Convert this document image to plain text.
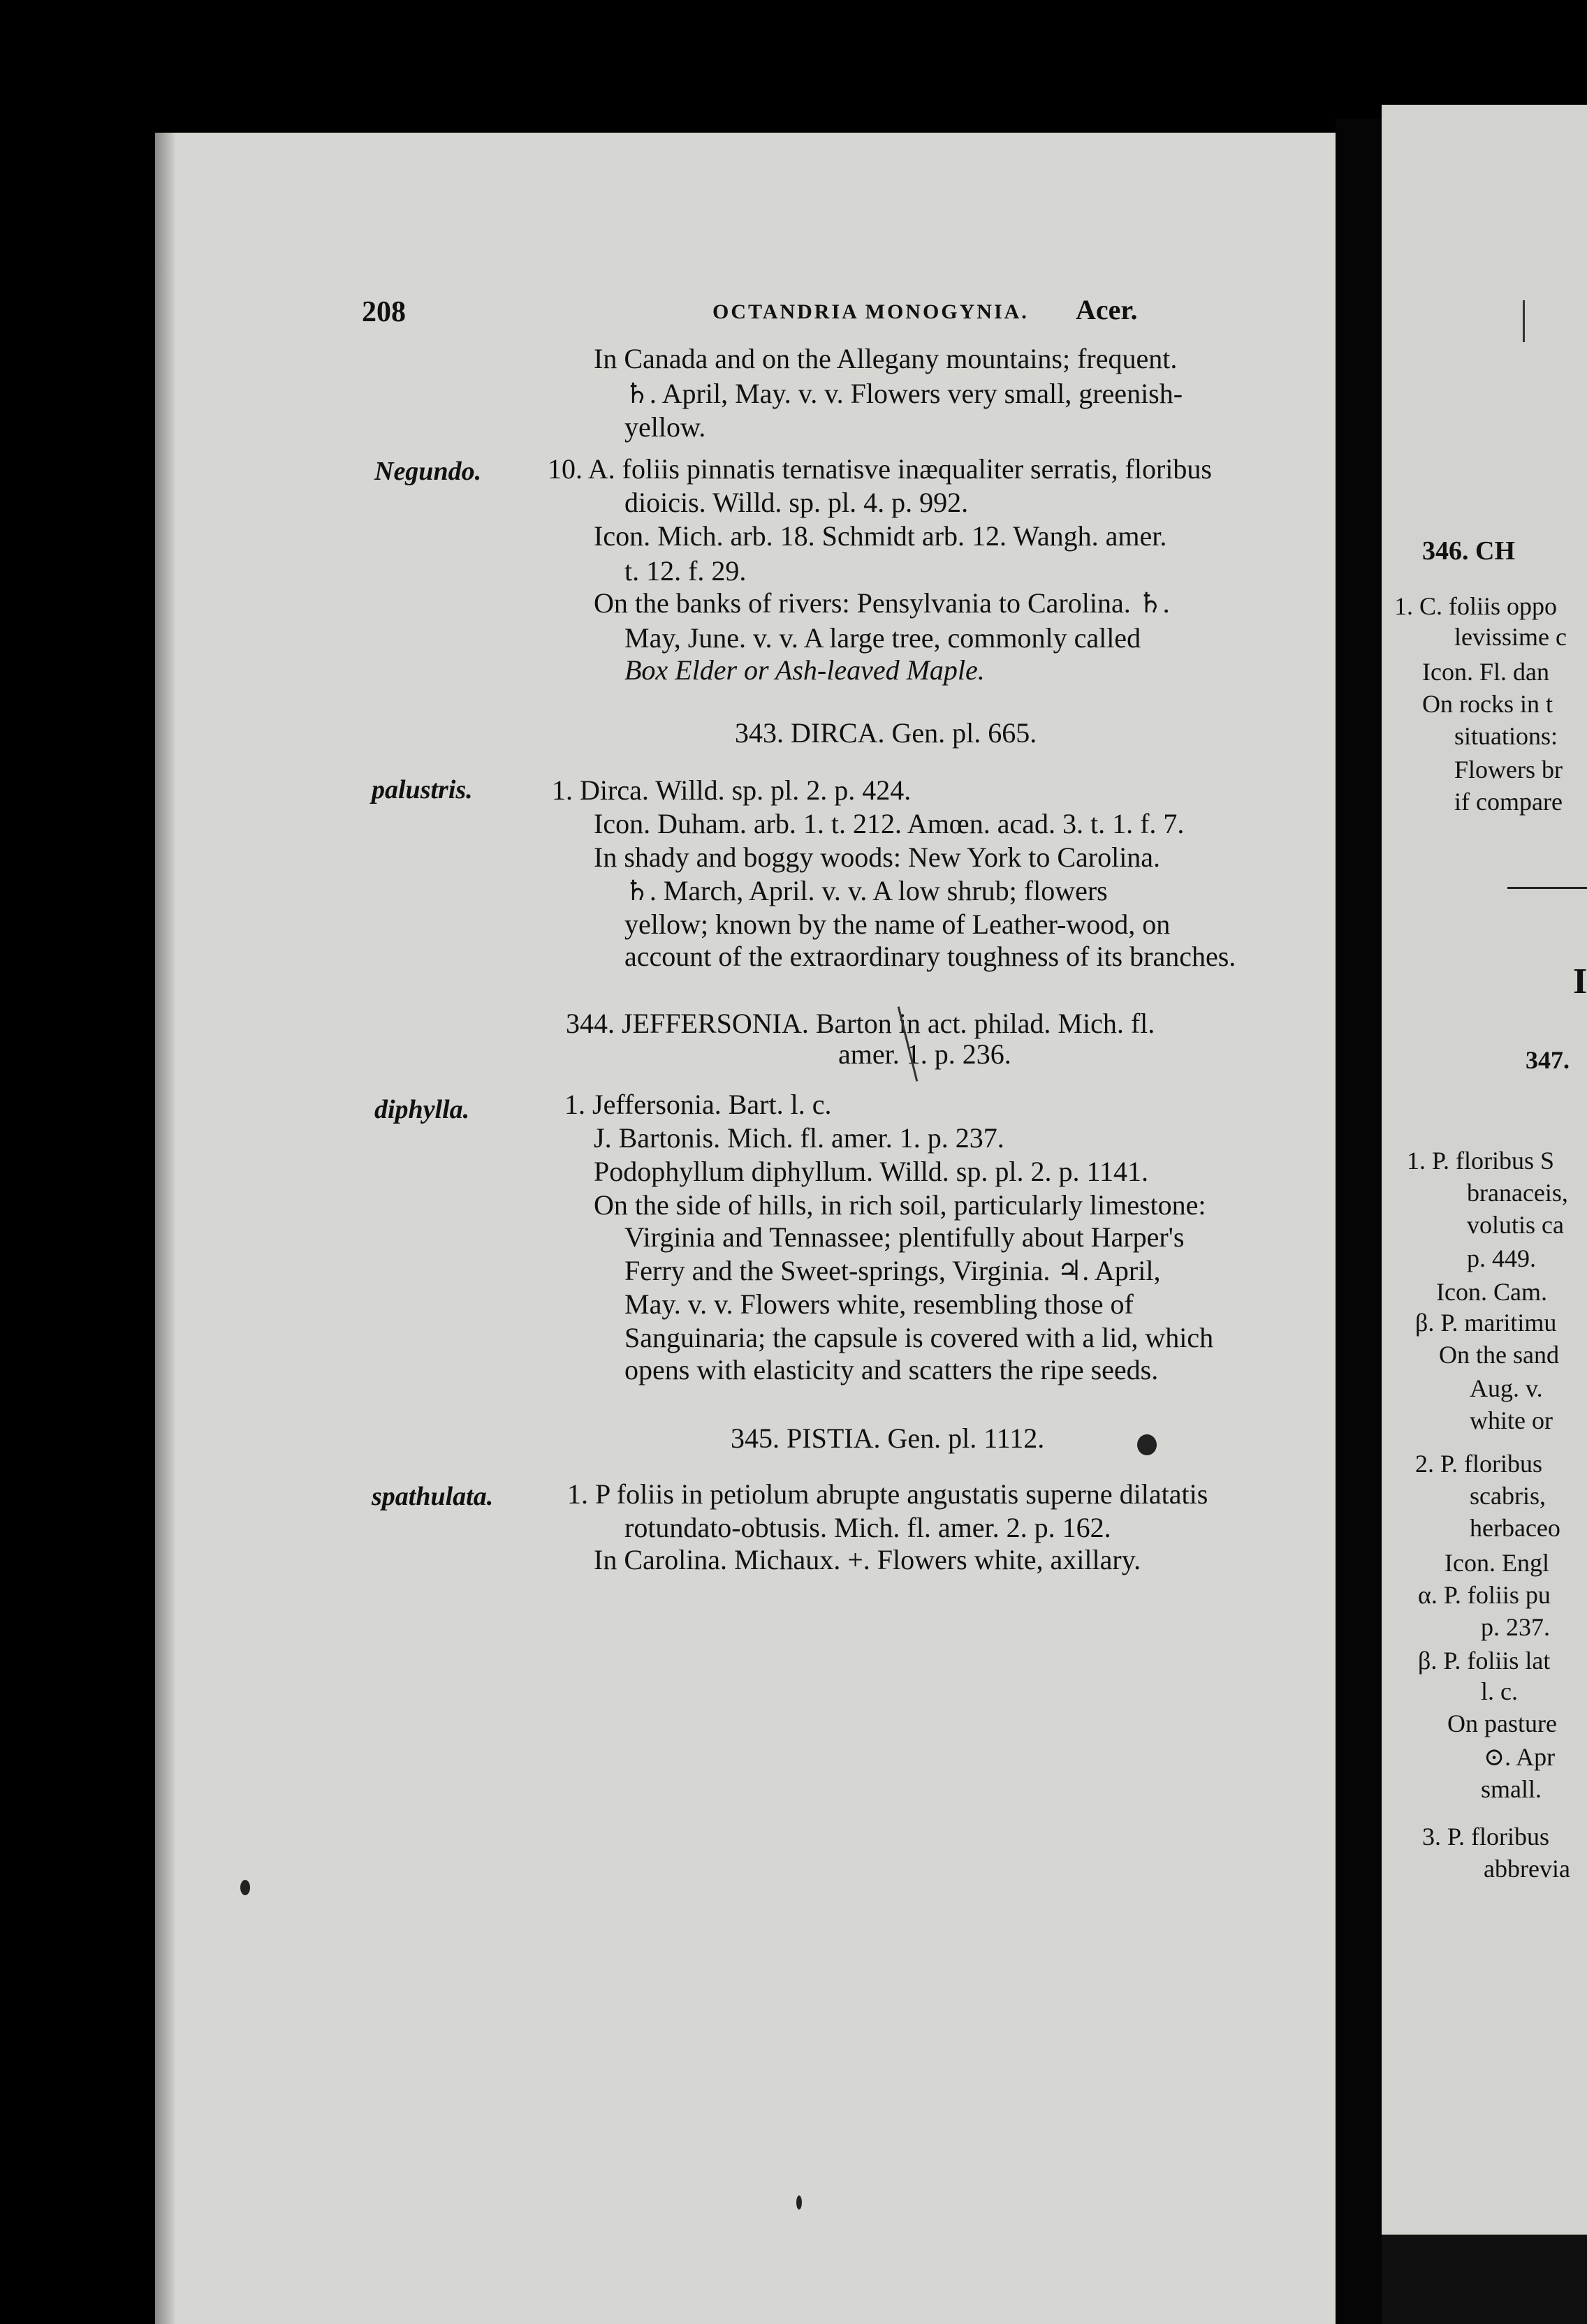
208	OCTANDRIA MONOGYNIA. Acer.
Negundo.
palustris.
diphylla.
spathulata.
In Canada and on the Allegany mountains; frequent.
♄. April, May. v. v. Flowers very small, greenish-
yellow.
10. A. foliis pinnatis ternatisve inæqualiter serratis, floribus
dioicis. Willd. sp. pl. 4. p. 992.
Icon. Mich. arb. 18. Schmidt arb. 12. Wangh. amer.
t. 12. f. 29.
On the banks of rivers: Pensylvania to Carolina. ♄.
May, June. v. v. A large tree, commonly called
Box Elder or Ash-leaved Maple.
343. DIRCA. Gen. pl. 665.
1. Dirca. Willd. sp. pl. 2. p. 424.
Icon. Duham. arb. 1. t. 212. Amœn. acad. 3. t. 1. f. 7.
In shady and boggy woods: New York to Carolina.
♄. March, April. v. v. A low shrub; flowers
yellow; known by the name of Leather-wood, on
account of the extraordinary toughness of its branches.
344. JEFFERSONIA. Barton in act. philad. Mich. fl.
amer. 1. p. 236.
1. Jeffersonia. Bart. l. c.
J. Bartonis. Mich. fl. amer. 1. p. 237.
Podophyllum diphyllum. Willd. sp. pl. 2. p. 1141.
On the side of hills, in rich soil, particularly limestone:
Virginia and Tennassee; plentifully about Harper's
Ferry and the Sweet-springs, Virginia. ♃. April,
May. v. v. Flowers white, resembling those of
Sanguinaria; the capsule is covered with a lid, which
opens with elasticity and scatters the ripe seeds.
345. PISTIA. Gen. pl. 1112.
1. P foliis in petiolum abrupte angustatis superne dilatatis
rotundato-obtusis. Mich. fl. amer. 2. p. 162.
In Carolina. Michaux. +. Flowers white, axillary.
346. CH
1. C. foliis oppo
levissime c
Icon. Fl. dan
On rocks in t
situations:
Flowers br
if compare
I
347.
1. P. floribus S
branaceis,
volutis ca
p. 449.
Icon. Cam.
β. P. maritimu
On the sand
Aug. v.
white or
2. P. floribus
scabris,
herbaceo
Icon. Engl
α. P. foliis pu
p. 237.
β. P. foliis lat
l. c.
On pasture
⊙. Apr
small.
3. P. floribus
abbrevia
